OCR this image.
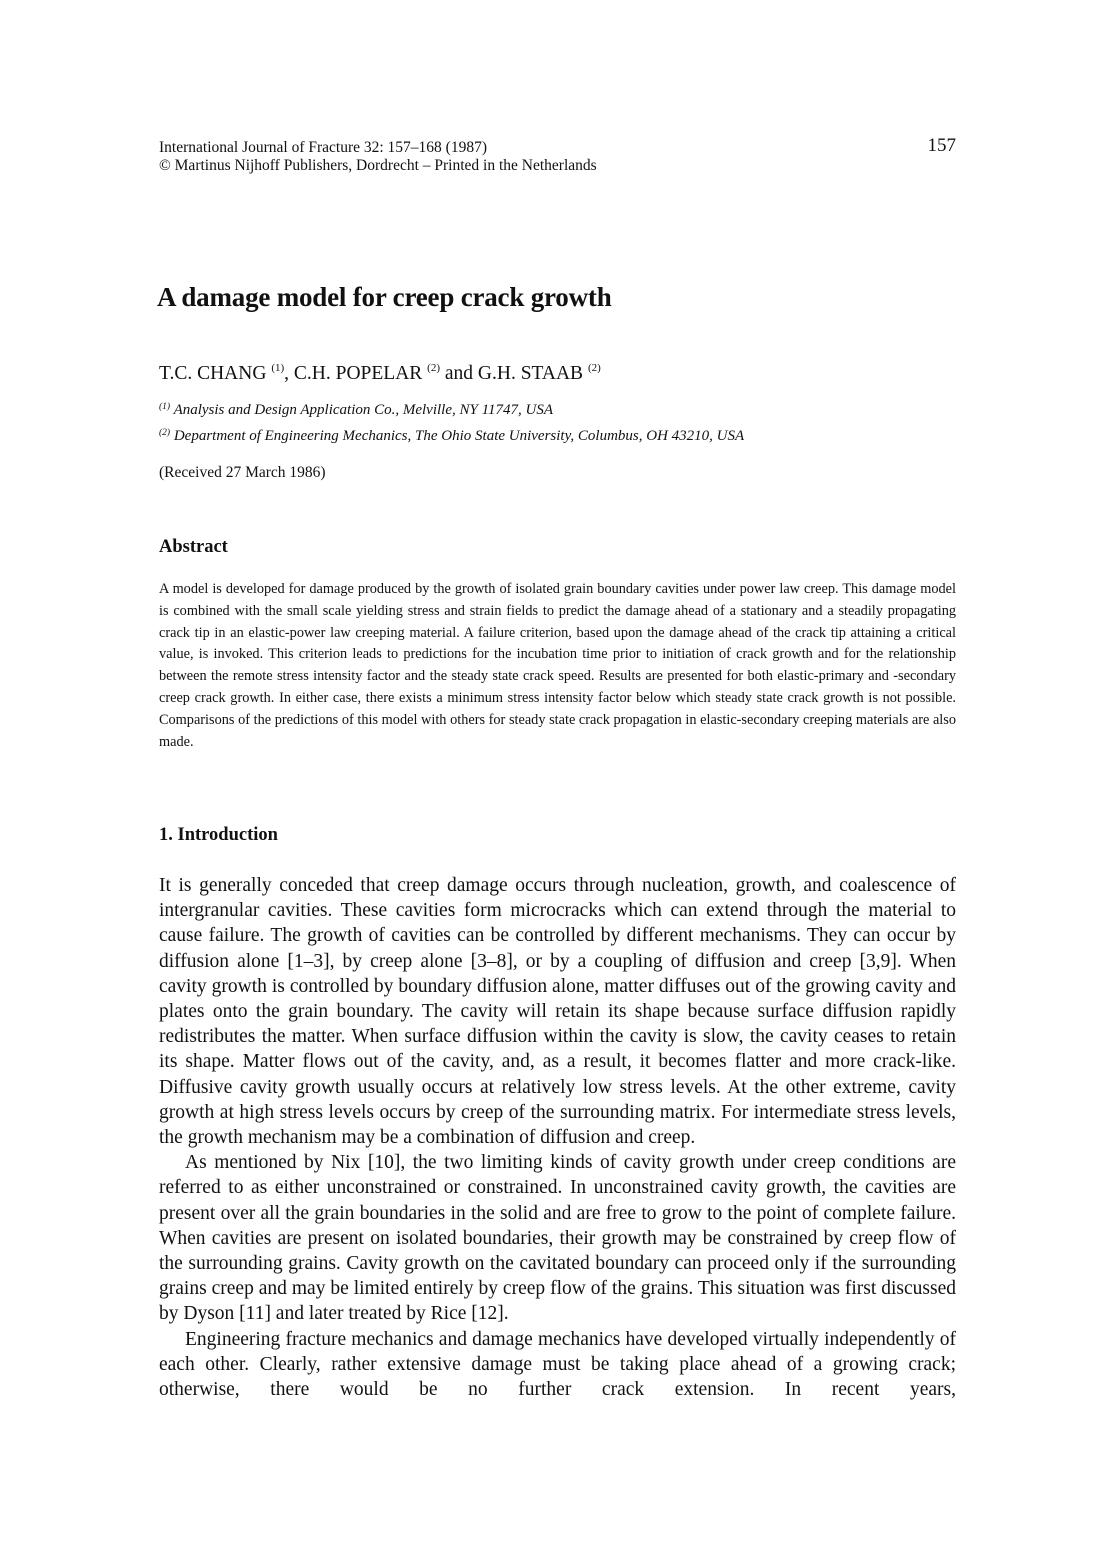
International Journal of Fracture 32: 157–168 (1987)
© Martinus Nijhoff Publishers, Dordrecht – Printed in the Netherlands
157
A damage model for creep crack growth
T.C. CHANG $^{(1)}$, C.H. POPELAR $^{(2)}$ and G.H. STAAB $^{(2)}$
$^{(1)}$ Analysis and Design Application Co., Melville, NY 11747, USA
$^{(2)}$ Department of Engineering Mechanics, The Ohio State University, Columbus, OH 43210, USA
(Received 27 March 1986)
Abstract
A model is developed for damage produced by the growth of isolated grain boundary cavities under power law creep. This damage model is combined with the small scale yielding stress and strain fields to predict the damage ahead of a stationary and a steadily propagating crack tip in an elastic-power law creeping material. A failure criterion, based upon the damage ahead of the crack tip attaining a critical value, is invoked. This criterion leads to predictions for the incubation time prior to initiation of crack growth and for the relationship between the remote stress intensity factor and the steady state crack speed. Results are presented for both elastic-primary and -secondary creep crack growth. In either case, there exists a minimum stress intensity factor below which steady state crack growth is not possible. Comparisons of the predictions of this model with others for steady state crack propagation in elastic-secondary creeping materials are also made.
1. Introduction

It is generally conceded that creep damage occurs through nucleation, growth, and coalescence of intergranular cavities. These cavities form microcracks which can extend through the material to cause failure. The growth of cavities can be controlled by different mechanisms. They can occur by diffusion alone [1–3], by creep alone [3–8], or by a coupling of diffusion and creep [3,9]. When cavity growth is controlled by boundary diffusion alone, matter diffuses out of the growing cavity and plates onto the grain boundary. The cavity will retain its shape because surface diffusion rapidly redistributes the matter. When surface diffusion within the cavity is slow, the cavity ceases to retain its shape. Matter flows out of the cavity, and, as a result, it becomes flatter and more crack-like. Diffusive cavity growth usually occurs at relatively low stress levels. At the other extreme, cavity growth at high stress levels occurs by creep of the surrounding matrix. For intermediate stress levels, the growth mechanism may be a combination of diffusion and creep.

As mentioned by Nix [10], the two limiting kinds of cavity growth under creep conditions are referred to as either unconstrained or constrained. In unconstrained cavity growth, the cavities are present over all the grain boundaries in the solid and are free to grow to the point of complete failure. When cavities are present on isolated boundaries, their growth may be constrained by creep flow of the surrounding grains. Cavity growth on the cavitated boundary can proceed only if the surrounding grains creep and may be limited entirely by creep flow of the grains. This situation was first discussed by Dyson [11] and later treated by Rice [12].

Engineering fracture mechanics and damage mechanics have developed virtually independently of each other. Clearly, rather extensive damage must be taking place ahead of a growing crack; otherwise, there would be no further crack extension. In recent years,
